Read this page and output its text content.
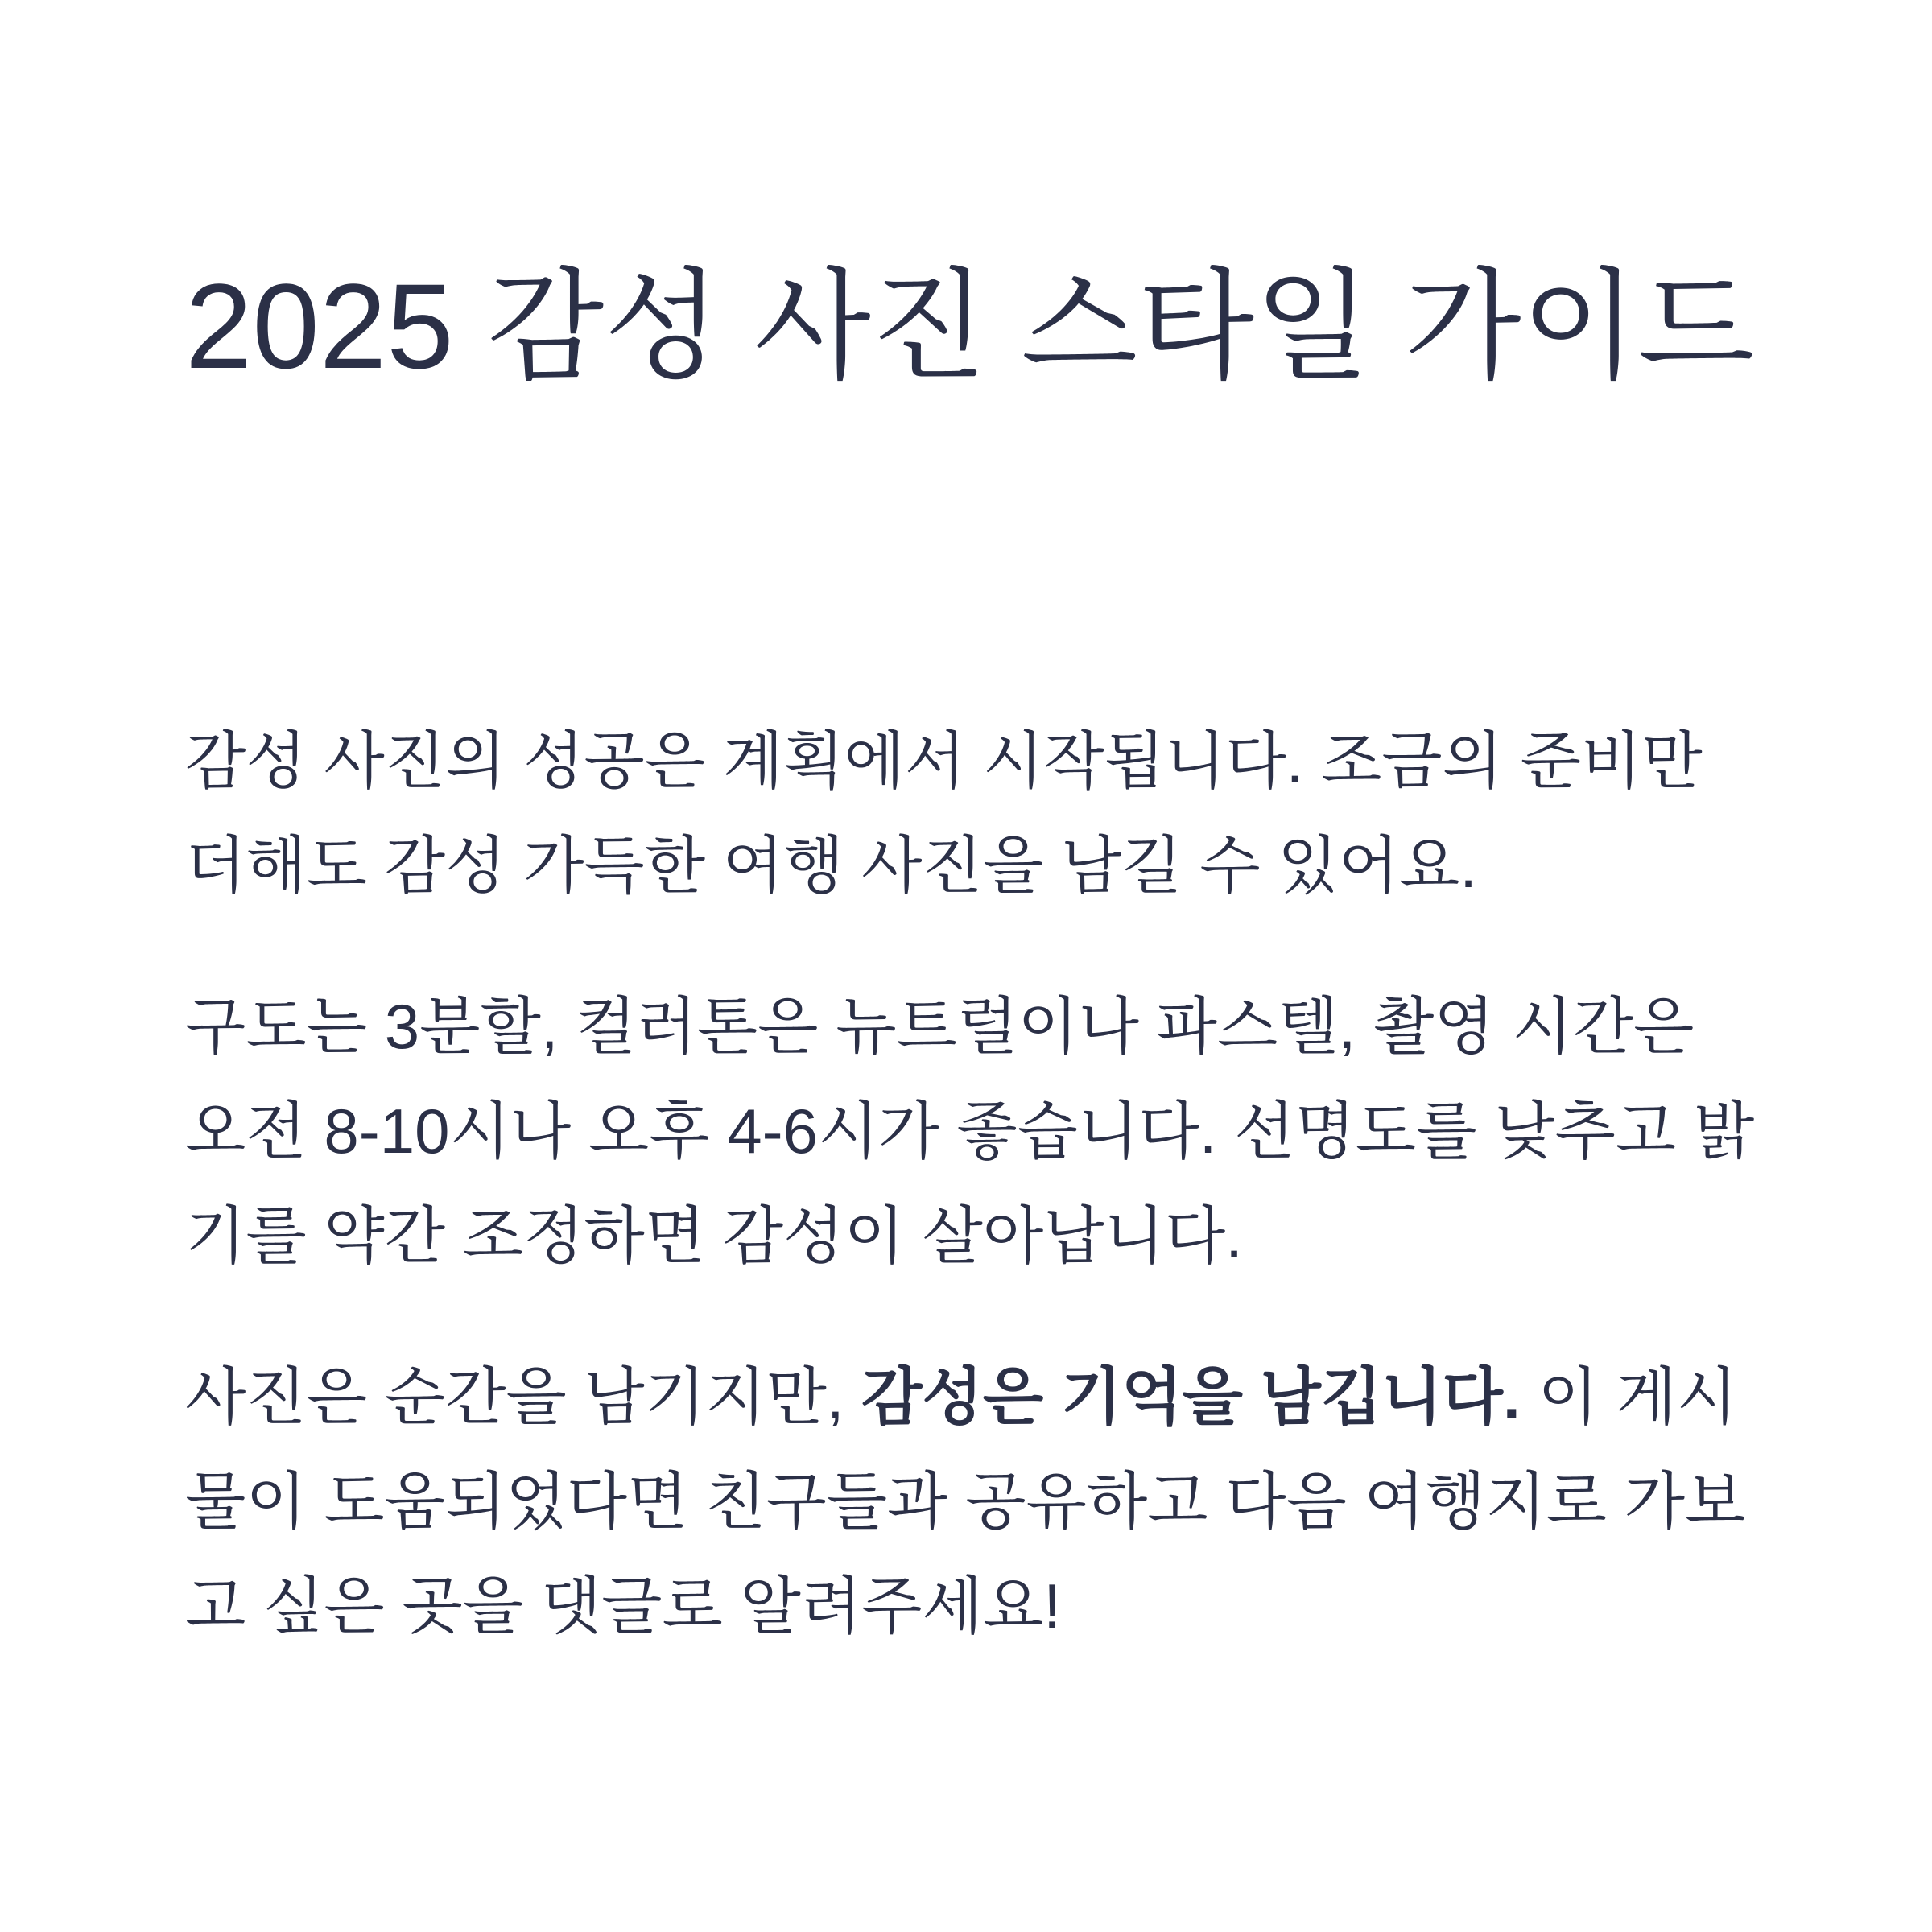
2025 감성 사진 스타일 가이드

감성 사진의 성공은 계획에서 시작됩니다. 조금의 준비만 더해도 감성 가득한 여행 사진을 남길 수 있어요.

구도는 3분할, 컬러톤은 뉴트럴이나 파스텔, 촬영 시간은 오전 8-10시나 오후 4-6시가 좋습니다. 선명도를 낮추고 밝기를 약간 조정하면 감성이 살아납니다.

사진은 순간을 남기지만, 감성은 기억을 남깁니다. 이 게시물이 도움되었다면 친구들과 공유하고 다음 여행지로 가보고 싶은 곳을 댓글로 알려주세요!
